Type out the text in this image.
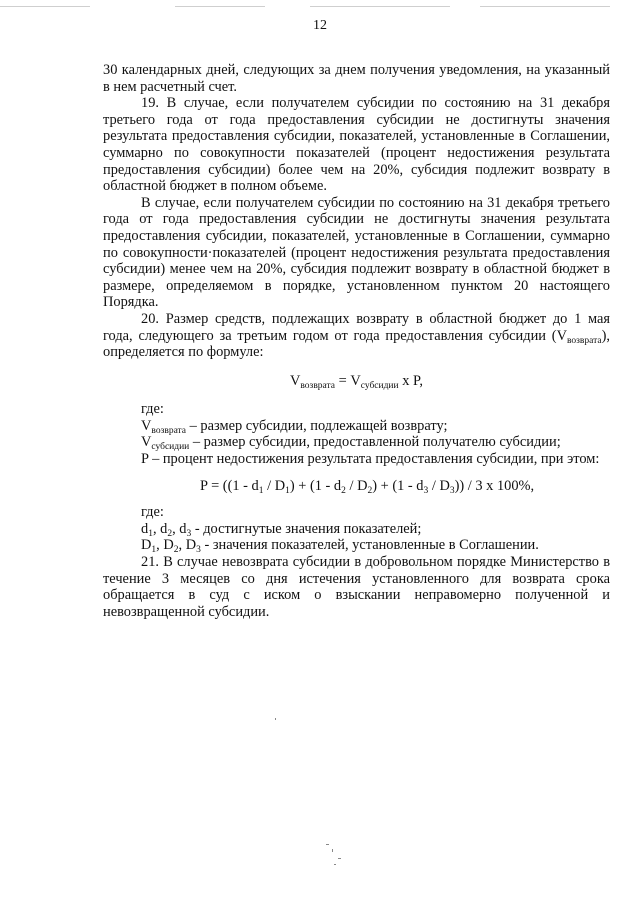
12

30 календарных дней, следующих за днем получения уведомления, на указанный в нем расчетный счет.

19. В случае, если получателем субсидии по состоянию на 31 декабря третьего года от года предоставления субсидии не достигнуты значения результата предоставления субсидии, показателей, установленные в Соглашении, суммарно по совокупности показателей (процент недостижения результата предоставления субсидии) более чем на 20%, субсидия подлежит возврату в областной бюджет в полном объеме.

В случае, если получателем субсидии по состоянию на 31 декабря третьего года от года предоставления субсидии не достигнуты значения результата предоставления субсидии, показателей, установленные в Соглашении, суммарно по совокупности·показателей (процент недостижения результата предоставления субсидии) менее чем на 20%, субсидия подлежит возврату в областной бюджет в размере, определяемом в порядке, установленном пунктом 20 настоящего Порядка.

20. Размер средств, подлежащих возврату в областной бюджет до 1 мая года, следующего за третьим годом от года предоставления субсидии $(V_{возврата})$, определяется по формуле:

$V_{возврата} = V_{субсидии}$ x P,

где:

$V_{возврата}$ – размер субсидии, подлежащей возврату;

$V_{субсидии}$ – размер субсидии, предоставленной получателю субсидии;

P – процент недостижения результата предоставления субсидии, при этом:

$P = ((1 - d_1 / D_1) + (1 - d_2 / D_2) + (1 - d_3 / D_3)) / 3$ x 100%,

где:

$d_1$, $d_2$, $d_3$ - достигнутые значения показателей;

$D_1$, $D_2$, $D_3$ - значения показателей, установленные в Соглашении.

21. В случае невозврата субсидии в добровольном порядке Министерство в течение 3 месяцев со дня истечения установленного для возврата срока обращается в суд с иском о взыскании неправомерно полученной и невозвращенной субсидии.
